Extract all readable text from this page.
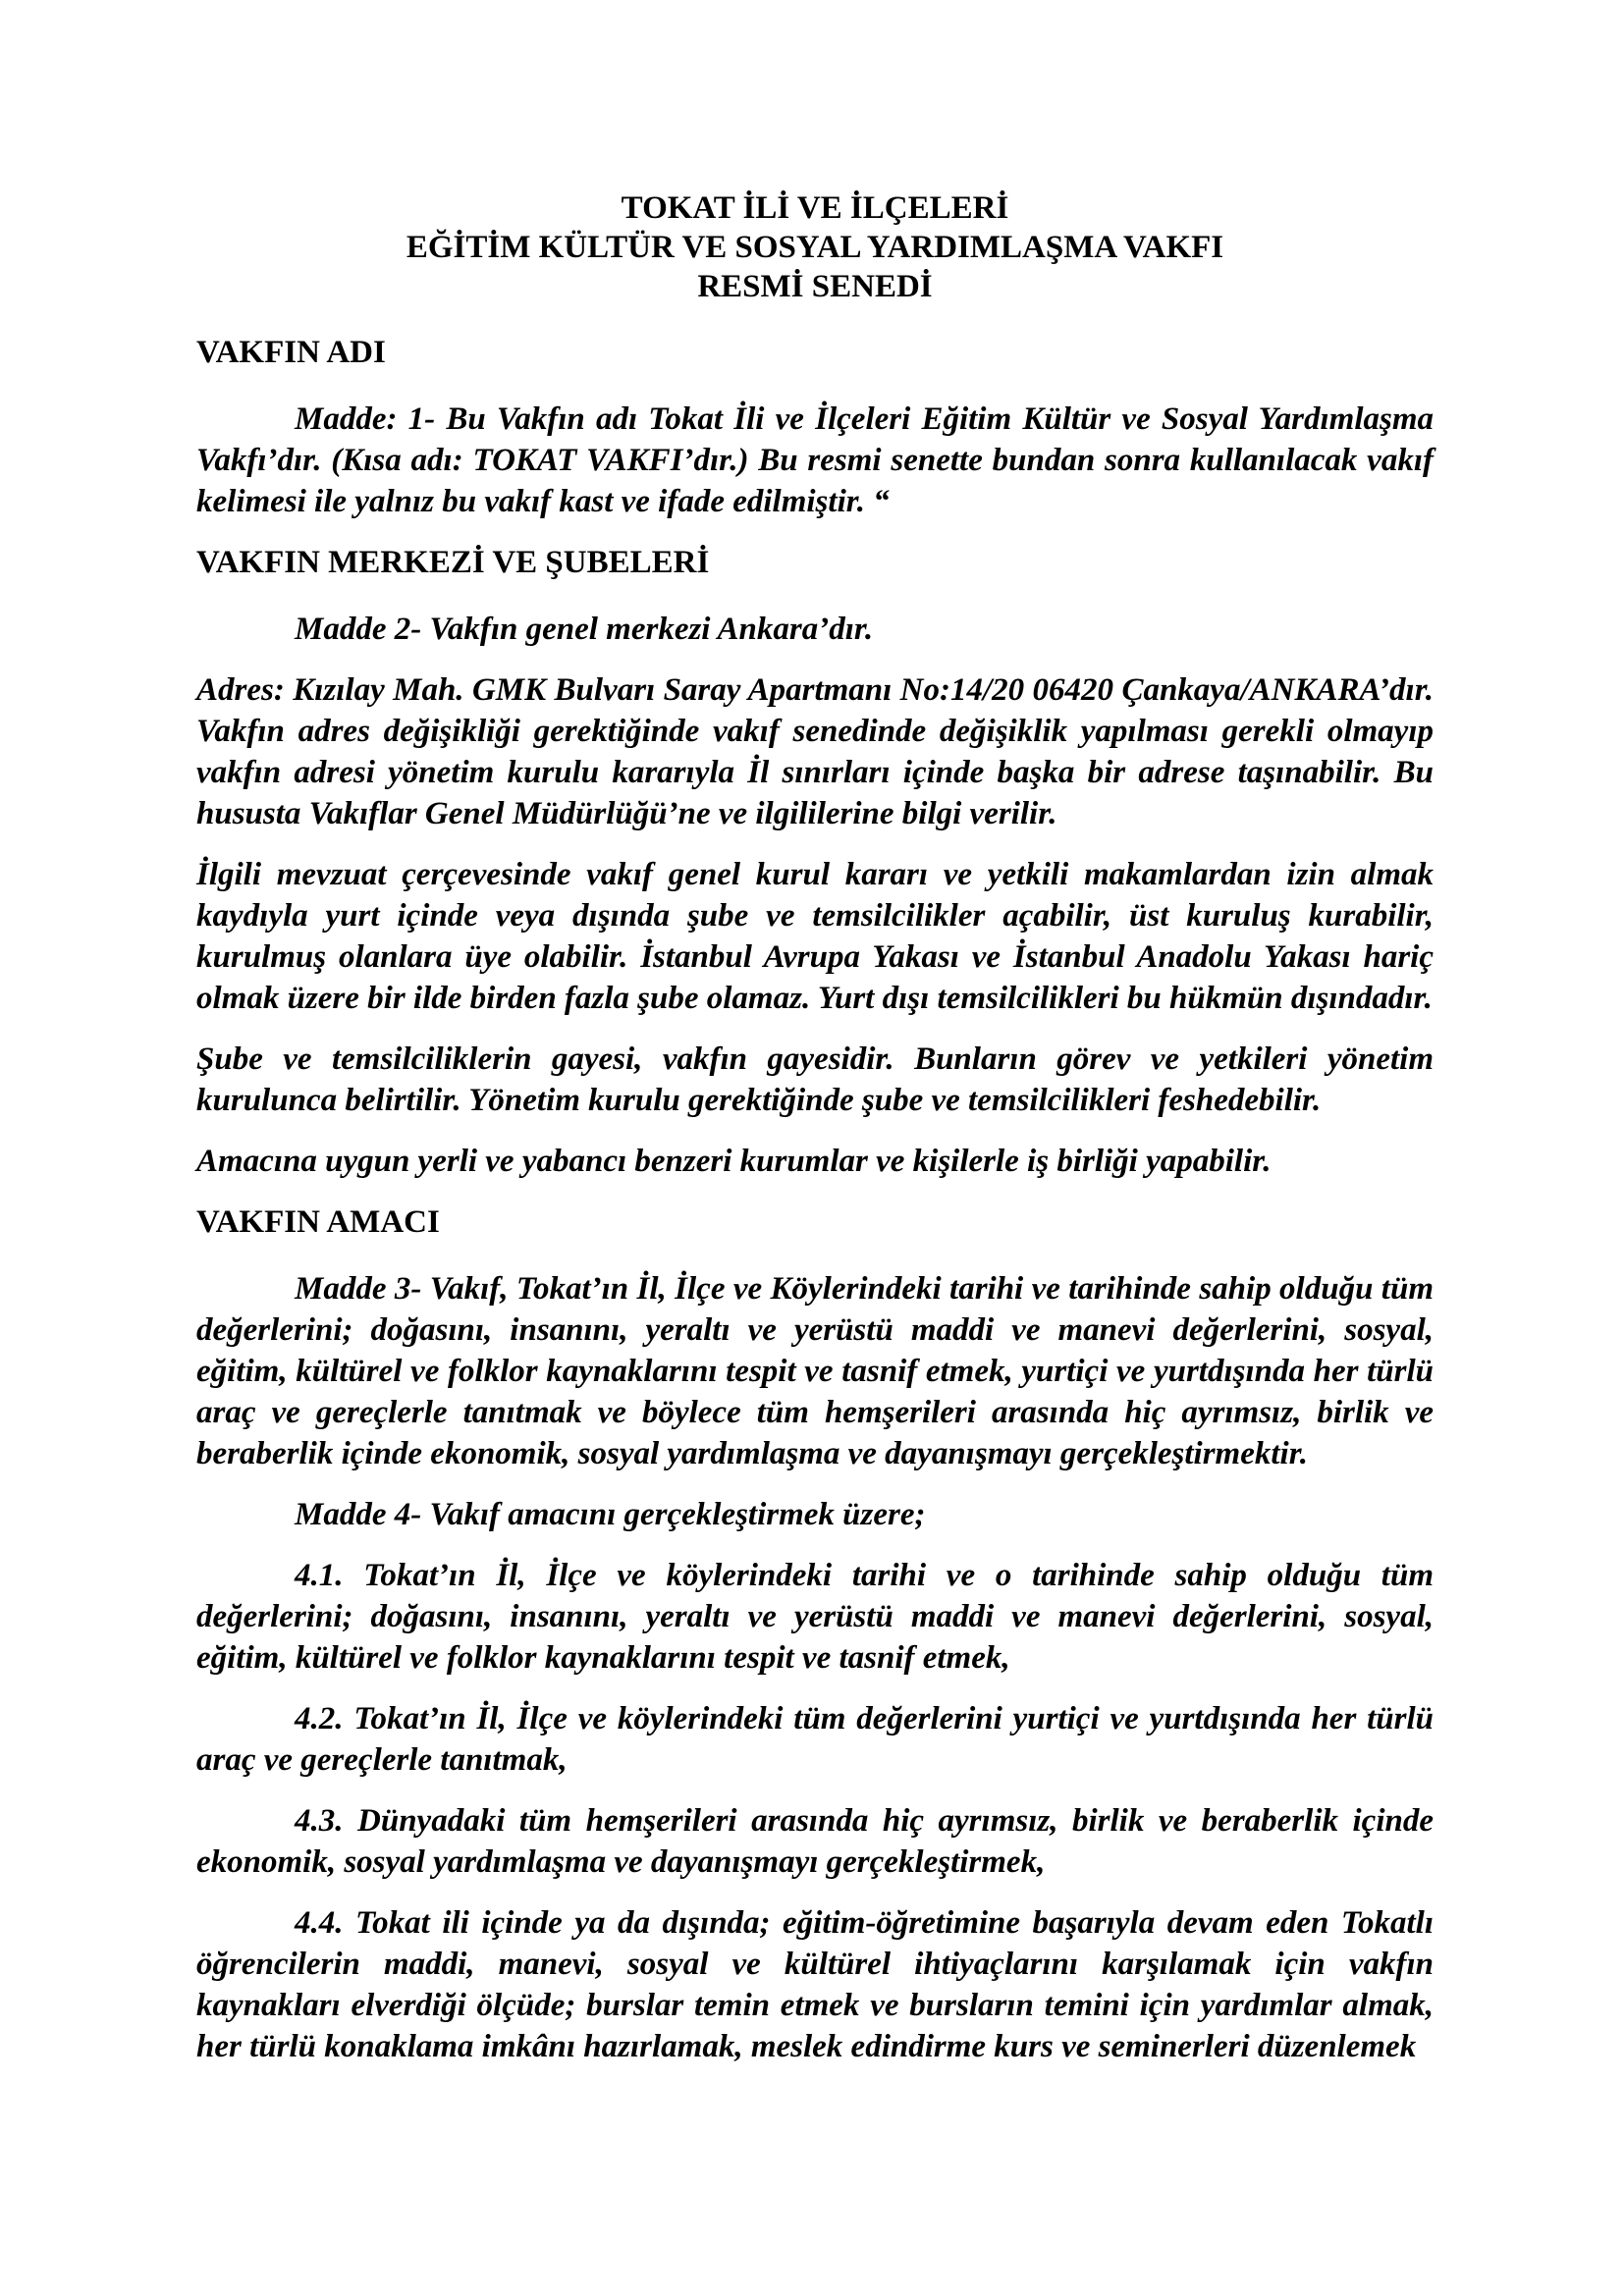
TOKAT İLİ VE İLÇELERİ
EĞİTİM KÜLTÜR VE SOSYAL YARDIMLAŞMA VAKFI
RESMİ SENEDİ
VAKFIN ADI

Madde: 1- Bu Vakfın adı Tokat İli ve İlçeleri Eğitim Kültür ve Sosyal Yardımlaşma Vakfı’dır. (Kısa adı: TOKAT VAKFI’dır.) Bu resmi senette bundan sonra kullanılacak vakıf kelimesi ile yalnız bu vakıf kast ve ifade edilmiştir. “

VAKFIN MERKEZİ VE ŞUBELERİ

Madde 2- Vakfın genel merkezi Ankara’dır.

Adres: Kızılay Mah. GMK Bulvarı Saray Apartmanı No:14/20 06420 Çankaya/ANKARA’dır. Vakfın adres değişikliği gerektiğinde vakıf senedinde değişiklik yapılması gerekli olmayıp vakfın adresi yönetim kurulu kararıyla İl sınırları içinde başka bir adrese taşınabilir. Bu hususta Vakıflar Genel Müdürlüğü’ne ve ilgililerine bilgi verilir.

İlgili mevzuat çerçevesinde vakıf genel kurul kararı ve yetkili makamlardan izin almak kaydıyla yurt içinde veya dışında şube ve temsilcilikler açabilir, üst kuruluş kurabilir, kurulmuş olanlara üye olabilir. İstanbul Avrupa Yakası ve İstanbul Anadolu Yakası hariç olmak üzere bir ilde birden fazla şube olamaz. Yurt dışı temsilcilikleri bu hükmün dışındadır.

Şube ve temsilciliklerin gayesi, vakfın gayesidir. Bunların görev ve yetkileri yönetim kurulunca belirtilir. Yönetim kurulu gerektiğinde şube ve temsilcilikleri feshedebilir.

Amacına uygun yerli ve yabancı benzeri kurumlar ve kişilerle iş birliği yapabilir.

VAKFIN AMACI

Madde 3- Vakıf, Tokat’ın İl, İlçe ve Köylerindeki tarihi ve tarihinde sahip olduğu tüm değerlerini; doğasını, insanını, yeraltı ve yerüstü maddi ve manevi değerlerini, sosyal, eğitim, kültürel ve folklor kaynaklarını tespit ve tasnif etmek, yurtiçi ve yurtdışında her türlü araç ve gereçlerle tanıtmak ve böylece tüm hemşerileri arasında hiç ayrımsız, birlik ve beraberlik içinde ekonomik, sosyal yardımlaşma ve dayanışmayı gerçekleştirmektir.

Madde 4- Vakıf amacını gerçekleştirmek üzere;

4.1. Tokat’ın İl, İlçe ve köylerindeki tarihi ve o tarihinde sahip olduğu tüm değerlerini; doğasını, insanını, yeraltı ve yerüstü maddi ve manevi değerlerini, sosyal, eğitim, kültürel ve folklor kaynaklarını tespit ve tasnif etmek,

4.2. Tokat’ın İl, İlçe ve köylerindeki tüm değerlerini yurtiçi ve yurtdışında her türlü araç ve gereçlerle tanıtmak,

4.3. Dünyadaki tüm hemşerileri arasında hiç ayrımsız, birlik ve beraberlik içinde ekonomik, sosyal yardımlaşma ve dayanışmayı gerçekleştirmek,

4.4. Tokat ili içinde ya da dışında; eğitim-öğretimine başarıyla devam eden Tokatlı öğrencilerin maddi, manevi, sosyal ve kültürel ihtiyaçlarını karşılamak için vakfın kaynakları elverdiği ölçüde; burslar temin etmek ve bursların temini için yardımlar almak, her türlü konaklama imkânı hazırlamak, meslek edindirme kurs ve seminerleri düzenlemek
